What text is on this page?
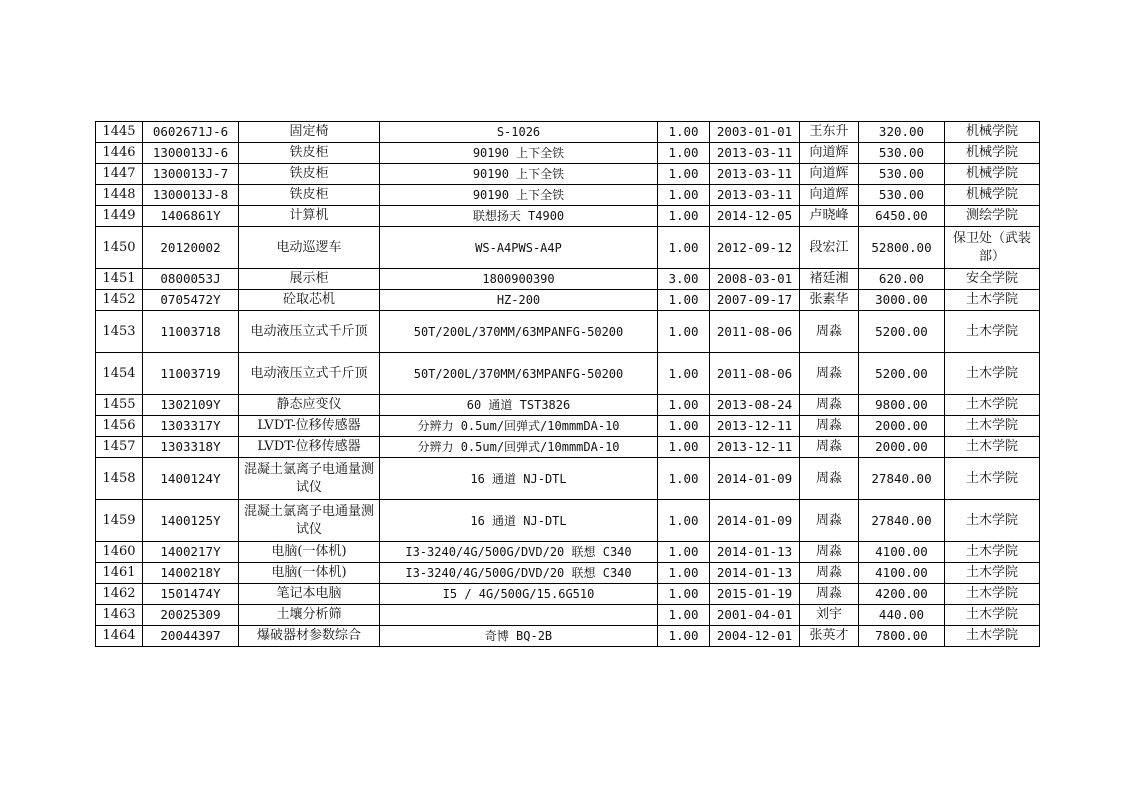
1445	0602671J-6	固定椅	S-1026	1.00	2003-01-01	王东升	320.00	机械学院
1446	1300013J-6	铁皮柜	90190 上下全铁	1.00	2013-03-11	向道辉	530.00	机械学院
1447	1300013J-7	铁皮柜	90190 上下全铁	1.00	2013-03-11	向道辉	530.00	机械学院
1448	1300013J-8	铁皮柜	90190 上下全铁	1.00	2013-03-11	向道辉	530.00	机械学院
1449	1406861Y	计算机	联想扬天 T4900	1.00	2014-12-05	卢晓峰	6450.00	测绘学院
1450	20120002	电动巡逻车	WS-A4PWS-A4P	1.00	2012-09-12	段宏江	52800.00	保卫处（武装部）
1451	0800053J	展示柜	1800900390	3.00	2008-03-01	褚廷湘	620.00	安全学院
1452	0705472Y	砼取芯机	HZ-200	1.00	2007-09-17	张素华	3000.00	土木学院
1453	11003718	电动液压立式千斤顶	50T/200L/370MM/63MPANFG-50200	1.00	2011-08-06	周淼	5200.00	土木学院
1454	11003719	电动液压立式千斤顶	50T/200L/370MM/63MPANFG-50200	1.00	2011-08-06	周淼	5200.00	土木学院
1455	1302109Y	静态应变仪	60 通道 TST3826	1.00	2013-08-24	周淼	9800.00	土木学院
1456	1303317Y	LVDT-位移传感器	分辨力 0.5um/回弹式/10mmmDA-10	1.00	2013-12-11	周淼	2000.00	土木学院
1457	1303318Y	LVDT-位移传感器	分辨力 0.5um/回弹式/10mmmDA-10	1.00	2013-12-11	周淼	2000.00	土木学院
1458	1400124Y	混凝土氯离子电通量测试仪	16 通道 NJ-DTL	1.00	2014-01-09	周淼	27840.00	土木学院
1459	1400125Y	混凝土氯离子电通量测试仪	16 通道 NJ-DTL	1.00	2014-01-09	周淼	27840.00	土木学院
1460	1400217Y	电脑(一体机)	I3-3240/4G/500G/DVD/20 联想 C340	1.00	2014-01-13	周淼	4100.00	土木学院
1461	1400218Y	电脑(一体机)	I3-3240/4G/500G/DVD/20 联想 C340	1.00	2014-01-13	周淼	4100.00	土木学院
1462	1501474Y	笔记本电脑	I5 / 4G/500G/15.6G510	1.00	2015-01-19	周淼	4200.00	土木学院
1463	20025309	土壤分析筛		1.00	2001-04-01	刘宇	440.00	土木学院
1464	20044397	爆破器材参数综合	奇博 BQ-2B	1.00	2004-12-01	张英才	7800.00	土木学院
